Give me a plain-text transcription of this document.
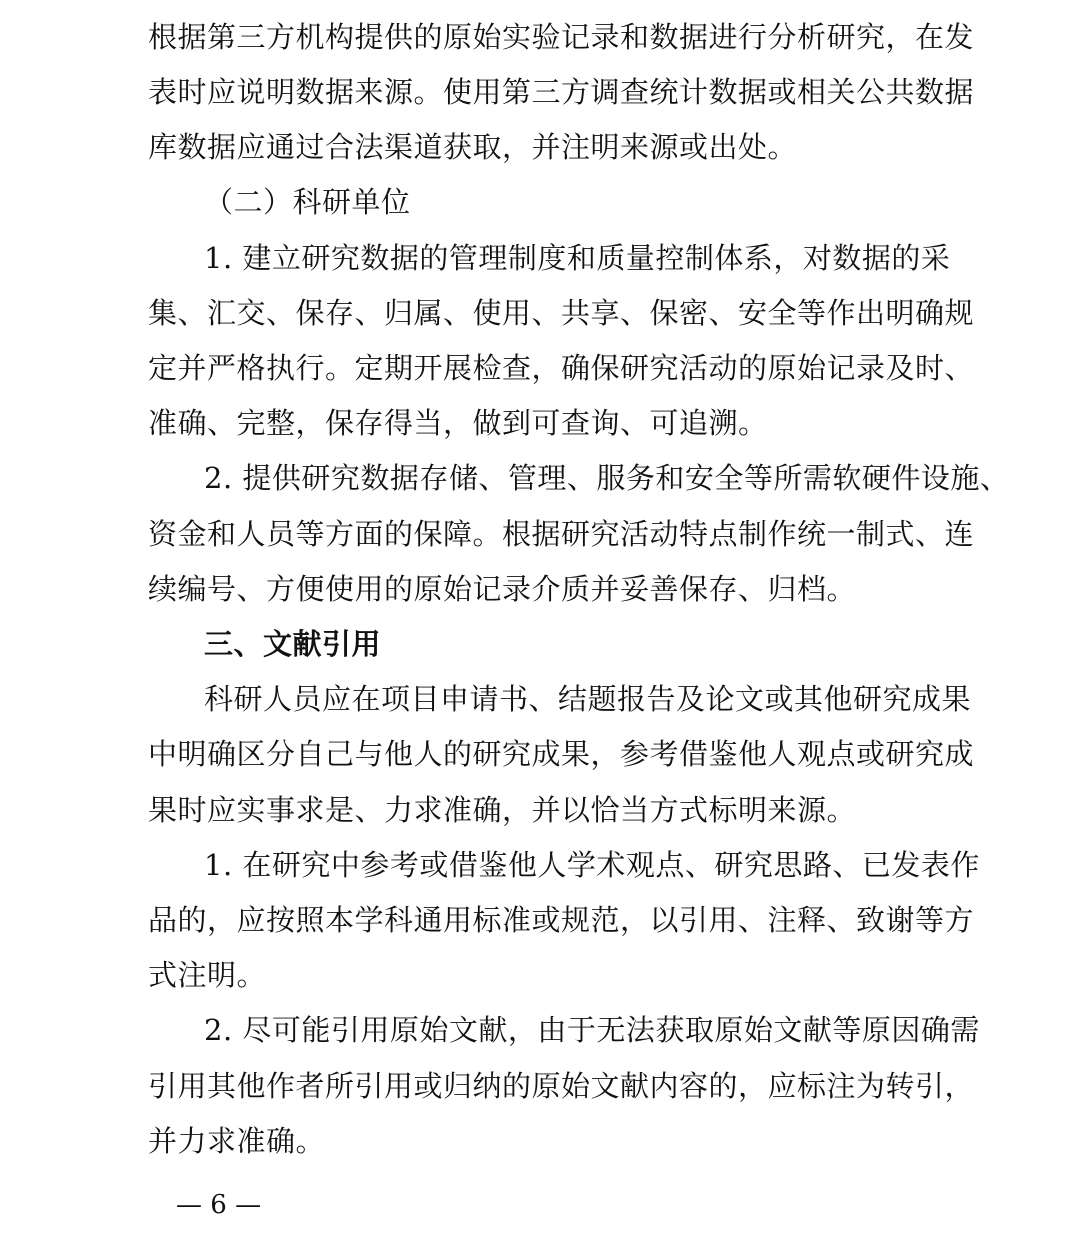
根据第三方机构提供的原始实验记录和数据进行分析研究，在发
表时应说明数据来源。使用第三方调查统计数据或相关公共数据
库数据应通过合法渠道获取，并注明来源或出处。
（二）科研单位
1. 建立研究数据的管理制度和质量控制体系，对数据的采
集、汇交、保存、归属、使用、共享、保密、安全等作出明确规
定并严格执行。定期开展检查，确保研究活动的原始记录及时、
准确、完整，保存得当，做到可查询、可追溯。
2. 提供研究数据存储、管理、服务和安全等所需软硬件设施、
资金和人员等方面的保障。根据研究活动特点制作统一制式、连
续编号、方便使用的原始记录介质并妥善保存、归档。
三、文献引用
科研人员应在项目申请书、结题报告及论文或其他研究成果
中明确区分自己与他人的研究成果，参考借鉴他人观点或研究成
果时应实事求是、力求准确，并以恰当方式标明来源。
1. 在研究中参考或借鉴他人学术观点、研究思路、已发表作
品的，应按照本学科通用标准或规范，以引用、注释、致谢等方
式注明。
2. 尽可能引用原始文献，由于无法获取原始文献等原因确需
引用其他作者所引用或归纳的原始文献内容的，应标注为转引，
并力求准确。
— 6 —
